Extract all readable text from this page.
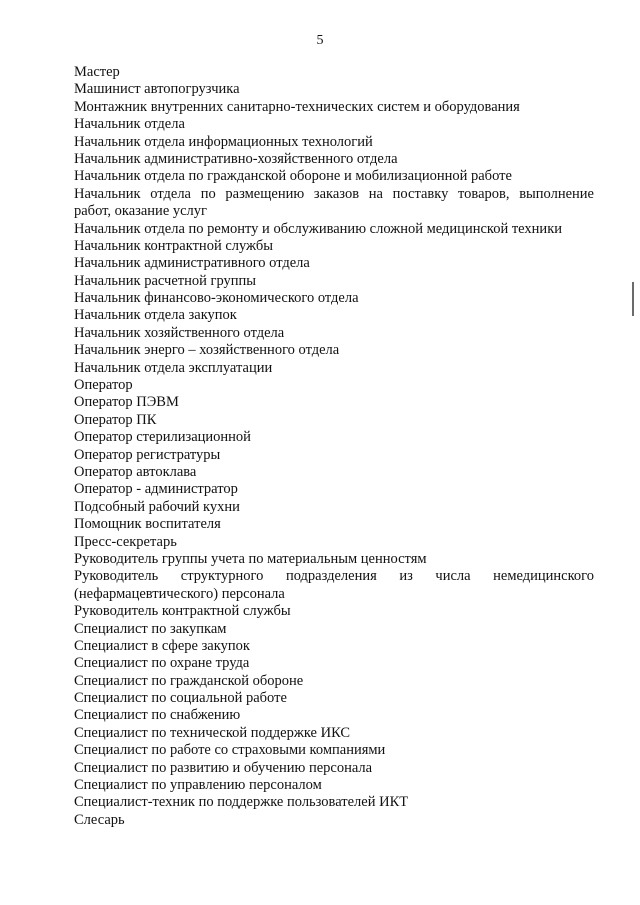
5
Мастер
Машинист автопогрузчика
Монтажник внутренних санитарно-технических систем и оборудования
Начальник отдела
Начальник отдела информационных технологий
Начальник административно-хозяйственного отдела
Начальник отдела по гражданской обороне и мобилизационной работе
Начальник отдела по размещению заказов на поставку товаров, выполнение
работ, оказание услуг
Начальник отдела по ремонту и обслуживанию сложной медицинской техники
Начальник контрактной службы
Начальник административного отдела
Начальник расчетной группы
Начальник финансово-экономического отдела
Начальник отдела закупок
Начальник хозяйственного отдела
Начальник энерго – хозяйственного отдела
Начальник отдела эксплуатации
Оператор
Оператор ПЭВМ
Оператор ПК
Оператор стерилизационной
Оператор регистратуры
Оператор автоклава
Оператор - администратор
Подсобный рабочий кухни
Помощник воспитателя
Пресс-секретарь
Руководитель группы учета по материальным ценностям
Руководитель структурного подразделения из числа немедицинского
(нефармацевтического) персонала
Руководитель контрактной службы
Специалист по закупкам
Специалист в сфере закупок
Специалист по охране труда
Специалист по гражданской обороне
Специалист по социальной работе
Специалист по снабжению
Специалист по технической поддержке ИКС
Специалист по работе со страховыми компаниями
Специалист по развитию и обучению персонала
Специалист по управлению персоналом
Специалист-техник по поддержке пользователей ИКТ
Слесарь
